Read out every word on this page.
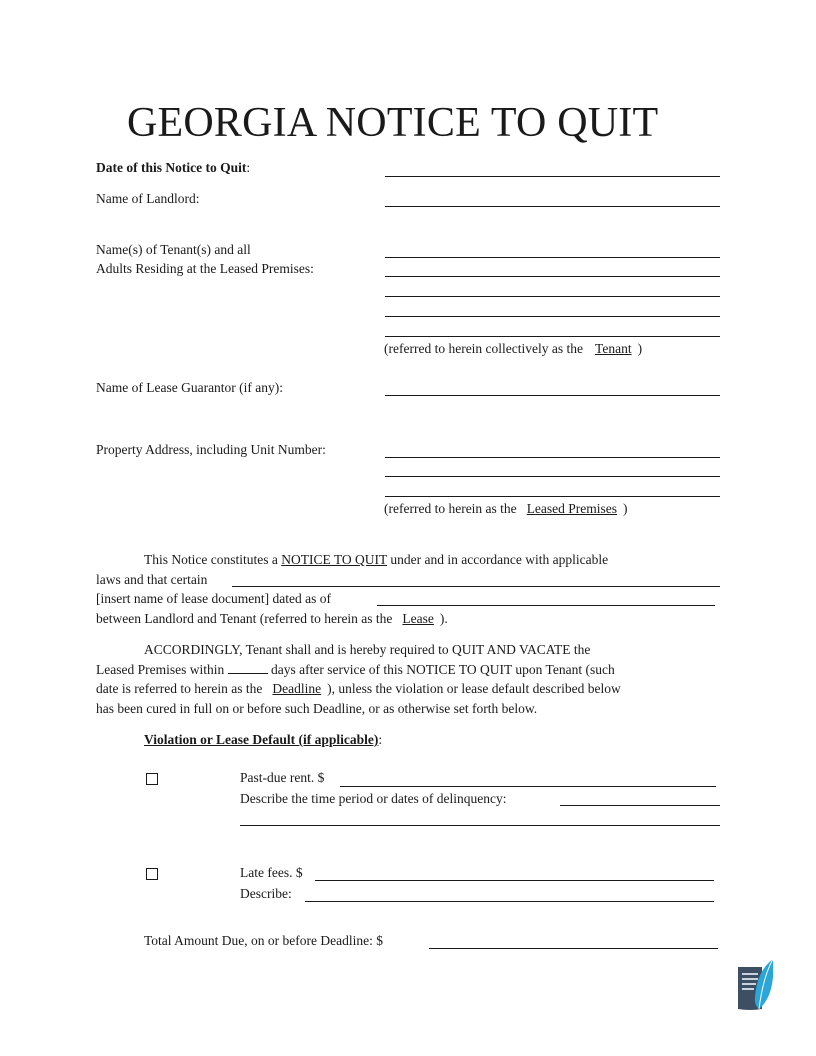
GEORGIA NOTICE TO QUIT
Date of this Notice to Quit:
Name of Landlord:
Name(s) of Tenant(s) and all
Adults Residing at the Leased Premises:
(referred to herein collectively as the Tenant )
Name of Lease Guarantor (if any):
Property Address, including Unit Number:
(referred to herein as the Leased Premises )
This Notice constitutes a NOTICE TO QUIT under and in accordance with applicable
laws and that certain
[insert name of lease document] dated as of
between Landlord and Tenant (referred to herein as the Lease ).
ACCORDINGLY, Tenant shall and is hereby required to QUIT AND VACATE the
Leased Premises within	days after service of this NOTICE TO QUIT upon Tenant (such
date is referred to herein as the Deadline ), unless the violation or lease default described below
has been cured in full on or before such Deadline, or as otherwise set forth below.
Violation or Lease Default (if applicable):
Past-due rent. $
Describe the time period or dates of delinquency:
Late fees. $
Describe:
Total Amount Due, on or before Deadline: $
